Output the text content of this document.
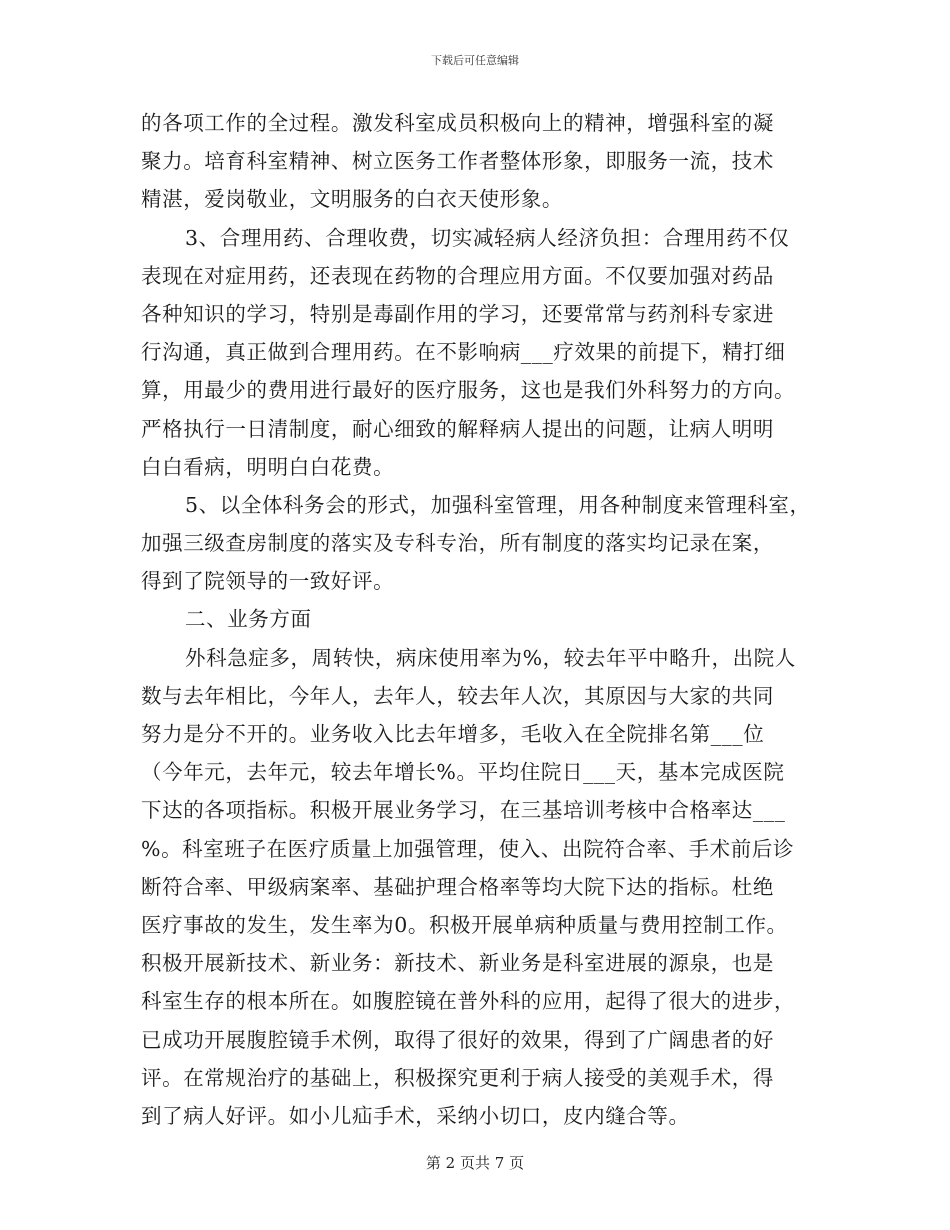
下载后可任意编辑
的各项工作的全过程。激发科室成员积极向上的精神，增强科室的凝
聚力。培育科室精神、树立医务工作者整体形象，即服务一流，技术
精湛，爱岗敬业，文明服务的白衣天使形象。
3、合理用药、合理收费，切实减轻病人经济负担：合理用药不仅
表现在对症用药，还表现在药物的合理应用方面。不仅要加强对药品
各种知识的学习，特别是毒副作用的学习，还要常常与药剂科专家进
行沟通，真正做到合理用药。在不影响病___疗效果的前提下，精打细
算，用最少的费用进行最好的医疗服务，这也是我们外科努力的方向。
严格执行一日清制度，耐心细致的解释病人提出的问题，让病人明明
白白看病，明明白白花费。
5、以全体科务会的形式，加强科室管理，用各种制度来管理科室，
加强三级查房制度的落实及专科专治，所有制度的落实均记录在案，
得到了院领导的一致好评。
二、业务方面
外科急症多，周转快，病床使用率为%，较去年平中略升，出院人
数与去年相比，今年人，去年人，较去年人次，其原因与大家的共同
努力是分不开的。业务收入比去年增多，毛收入在全院排名第___位
（今年元，去年元，较去年增长%。平均住院日___天，基本完成医院
下达的各项指标。积极开展业务学习，在三基培训考核中合格率达___
%。科室班子在医疗质量上加强管理，使入、出院符合率、手术前后诊
断符合率、甲级病案率、基础护理合格率等均大院下达的指标。杜绝
医疗事故的发生，发生率为0。积极开展单病种质量与费用控制工作。
积极开展新技术、新业务：新技术、新业务是科室进展的源泉，也是
科室生存的根本所在。如腹腔镜在普外科的应用，起得了很大的进步，
已成功开展腹腔镜手术例，取得了很好的效果，得到了广阔患者的好
评。在常规治疗的基础上，积极探究更利于病人接受的美观手术，得
到了病人好评。如小儿疝手术，采纳小切口，皮内缝合等。
第 2 页共 7 页
